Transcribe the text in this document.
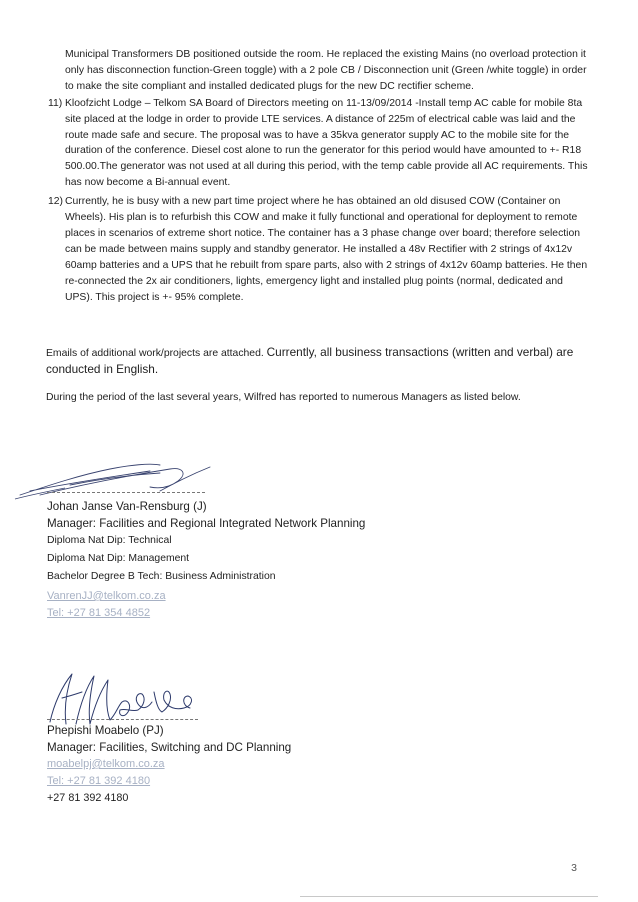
Municipal Transformers DB positioned outside the room. He replaced the existing Mains (no overload protection it only has disconnection function-Green toggle) with a 2 pole CB / Disconnection unit (Green /white toggle) in order to make the site compliant and installed dedicated plugs for the new DC rectifier scheme.
11) Kloofzicht Lodge – Telkom SA Board of Directors meeting on 11-13/09/2014 -Install temp AC cable for mobile 8ta site placed at the lodge in order to provide LTE services. A distance of 225m of electrical cable was laid and the route made safe and secure. The proposal was to have a 35kva generator supply AC to the mobile site for the duration of the conference. Diesel cost alone to run the generator for this period would have amounted to +- R18 500.00.The generator was not used at all during this period, with the temp cable provide all AC requirements. This has now become a Bi-annual event.
12) Currently, he is busy with a new part time project where he has obtained an old disused COW (Container on Wheels). His plan is to refurbish this COW and make it fully functional and operational for deployment to remote places in scenarios of extreme short notice. The container has a 3 phase change over board; therefore selection can be made between mains supply and standby generator. He installed a 48v Rectifier with 2 strings of 4x12v 60amp batteries and a UPS that he rebuilt from spare parts, also with 2 strings of 4x12v 60amp batteries. He then re-connected the 2x air conditioners, lights, emergency light and installed plug points (normal, dedicated and UPS). This project is +- 95% complete.
Emails of additional work/projects are attached. Currently, all business transactions (written and verbal) are conducted in English.
During the period of the last several years, Wilfred has reported to numerous Managers as listed below.
Johan Janse Van-Rensburg (J)
Manager: Facilities and Regional Integrated Network Planning
Diploma Nat Dip: Technical
Diploma Nat Dip: Management
Bachelor Degree B Tech: Business Administration
VanrenJJ@telkom.co.za
Tel: +27 81 354 4852
Phepishi Moabelo (PJ)
Manager: Facilities, Switching and DC Planning
moabelpj@telkom.co.za
Tel: +27 81 392 4180
+27 81 392 4180
3
